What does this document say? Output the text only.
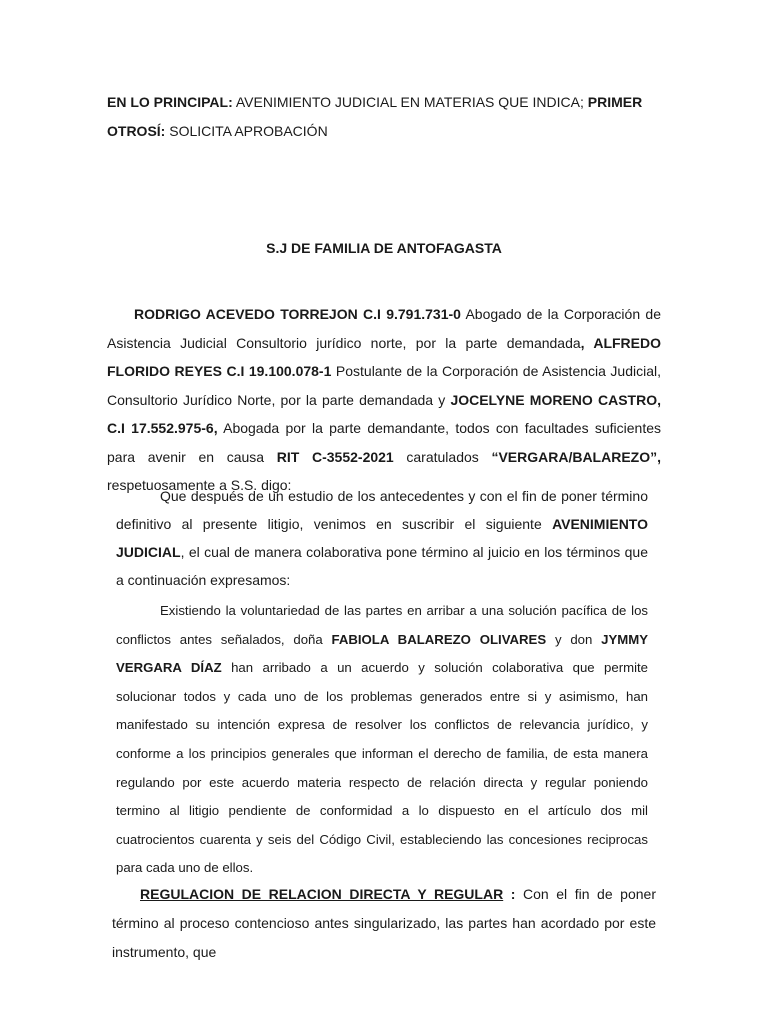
EN LO PRINCIPAL: AVENIMIENTO JUDICIAL EN MATERIAS QUE INDICA; PRIMER OTROSÍ: SOLICITA APROBACIÓN
S.J DE FAMILIA DE ANTOFAGASTA
RODRIGO ACEVEDO TORREJON C.I 9.791.731-0 Abogado de la Corporación de Asistencia Judicial Consultorio jurídico norte, por la parte demandada, ALFREDO FLORIDO REYES C.I 19.100.078-1 Postulante de la Corporación de Asistencia Judicial, Consultorio Jurídico Norte, por la parte demandada y JOCELYNE MORENO CASTRO, C.I 17.552.975-6, Abogada por la parte demandante, todos con facultades suficientes para avenir en causa RIT C-3552-2021 caratulados “VERGARA/BALAREZO”, respetuosamente a S.S. digo:
Que después de un estudio de los antecedentes y con el fin de poner término definitivo al presente litigio, venimos en suscribir el siguiente AVENIMIENTO JUDICIAL, el cual de manera colaborativa pone término al juicio en los términos que a continuación expresamos:
Existiendo la voluntariedad de las partes en arribar a una solución pacífica de los conflictos antes señalados, doña FABIOLA BALAREZO OLIVARES y don JYMMY VERGARA DÍAZ han arribado a un acuerdo y solución colaborativa que permite solucionar todos y cada uno de los problemas generados entre si y asimismo, han manifestado su intención expresa de resolver los conflictos de relevancia jurídico, y conforme a los principios generales que informan el derecho de familia, de esta manera regulando por este acuerdo materia respecto de relación directa y regular poniendo termino al litigio pendiente de conformidad a lo dispuesto en el artículo dos mil cuatrocientos cuarenta y seis del Código Civil, estableciendo las concesiones reciprocas para cada uno de ellos.
REGULACION DE RELACION DIRECTA Y REGULAR : Con el fin de poner término al proceso contencioso antes singularizado, las partes han acordado por este instrumento, que
